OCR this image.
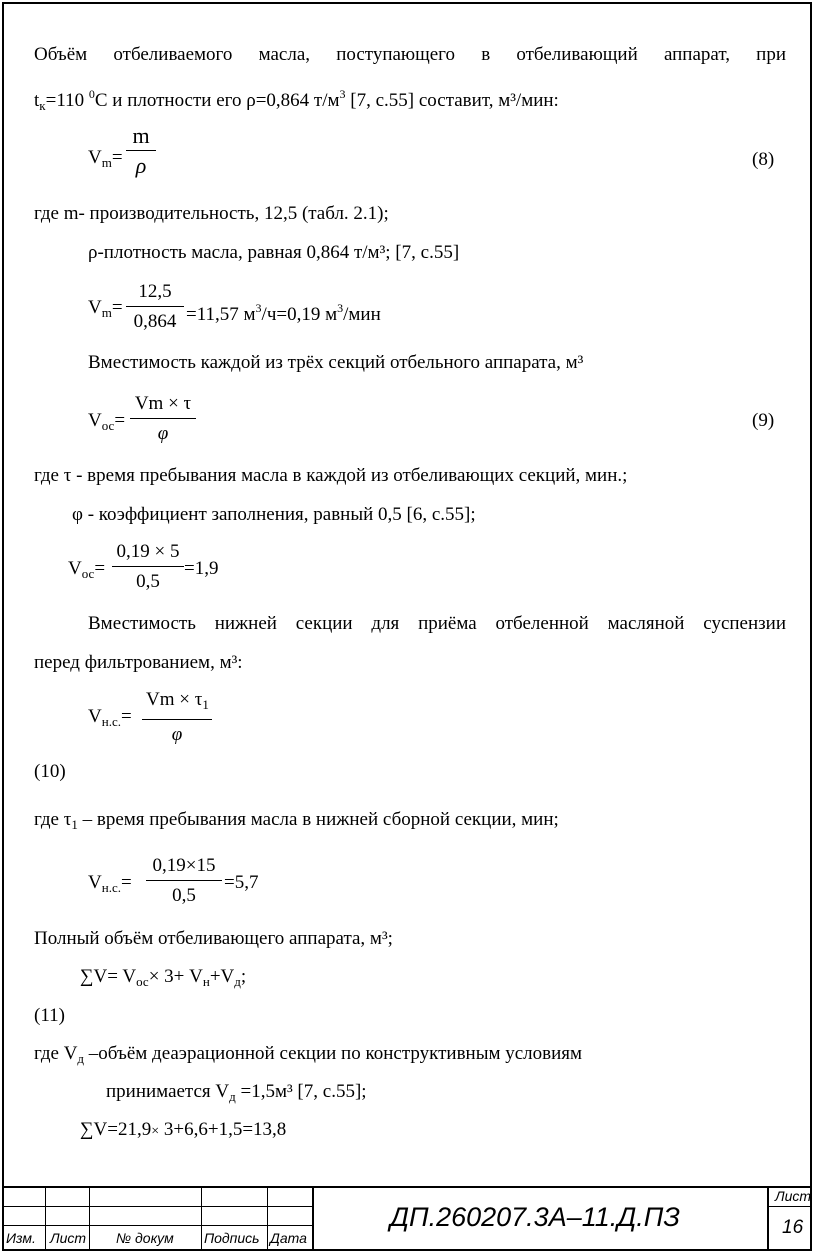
Объём отбеливаемого масла, поступающего в отбеливающий аппарат, при
$t_к=110$ $^0$С и плотности его ρ=0,864 $т/м^3$ [7, с.55] составит, м³/мин:
$V_m= \frac{m}{\rho}$	(8)
где m- производительность, 12,5 (табл. 2.1);
ρ-плотность масла, равная 0,864 т/м³; [7, с.55]
$V_m= \frac{12,5}{0,864} =11,57$ $м^3/ч=0,19$ $м^3$/мин
Вместимость каждой из трёх секций отбельного аппарата, м³
$V_{ос}= \frac{Vm \times \tau}{\varphi}$	(9)
где τ - время пребывания масла в каждой из отбеливающих секций, мин.;
φ - коэффициент заполнения, равный 0,5 [6, с.55];
$V_{ос}= \frac{0,19 \times 5}{0,5} =1,9$
Вместимость нижней секции для приёма отбеленной масляной суспензии
перед фильтрованием, м³:
$V_{н.с.}= \frac{Vm \times \tau_1}{\varphi}$
(10)
где $\tau_1$ – время пребывания масла в нижней сборной секции, мин;
$V_{н.с.}= \frac{0,19\times 15}{0,5} =5,7$
Полный объём отбеливающего аппарата, м³;
$\sum V= V_{ос}\times 3+ V_н+V_д$;
(11)
где $V_д$ –объём деаэрационной секции по конструктивным условиям
принимается $V_д =1,5м^3$ [7, с.55];
∑V=21,9× 3+6,6+1,5=13,8
Изм. Лист № докум Подпись Дата
ДП.260207.3А–11.Д.ПЗ
Лист
16
